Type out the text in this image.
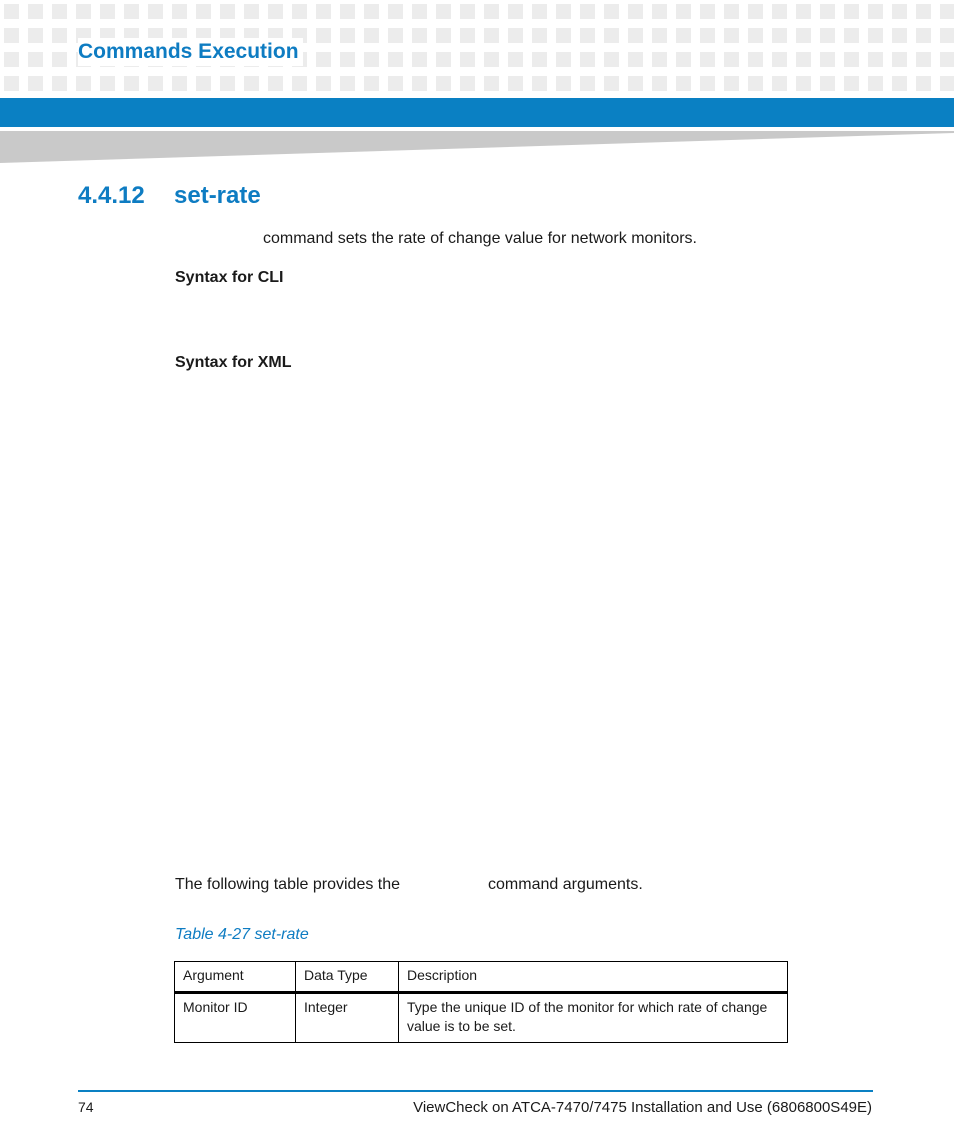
Commands Execution
4.4.12 set-rate

command sets the rate of change value for network monitors.

Syntax for CLI

Syntax for XML

The following table provides the	command arguments.

Table 4-27 set-rate

Argument	Data Type	Description
Monitor ID	Integer	Type the unique ID of the monitor for which rate of change value is to be set.

74	ViewCheck on ATCA-7470/7475 Installation and Use (6806800S49E)
